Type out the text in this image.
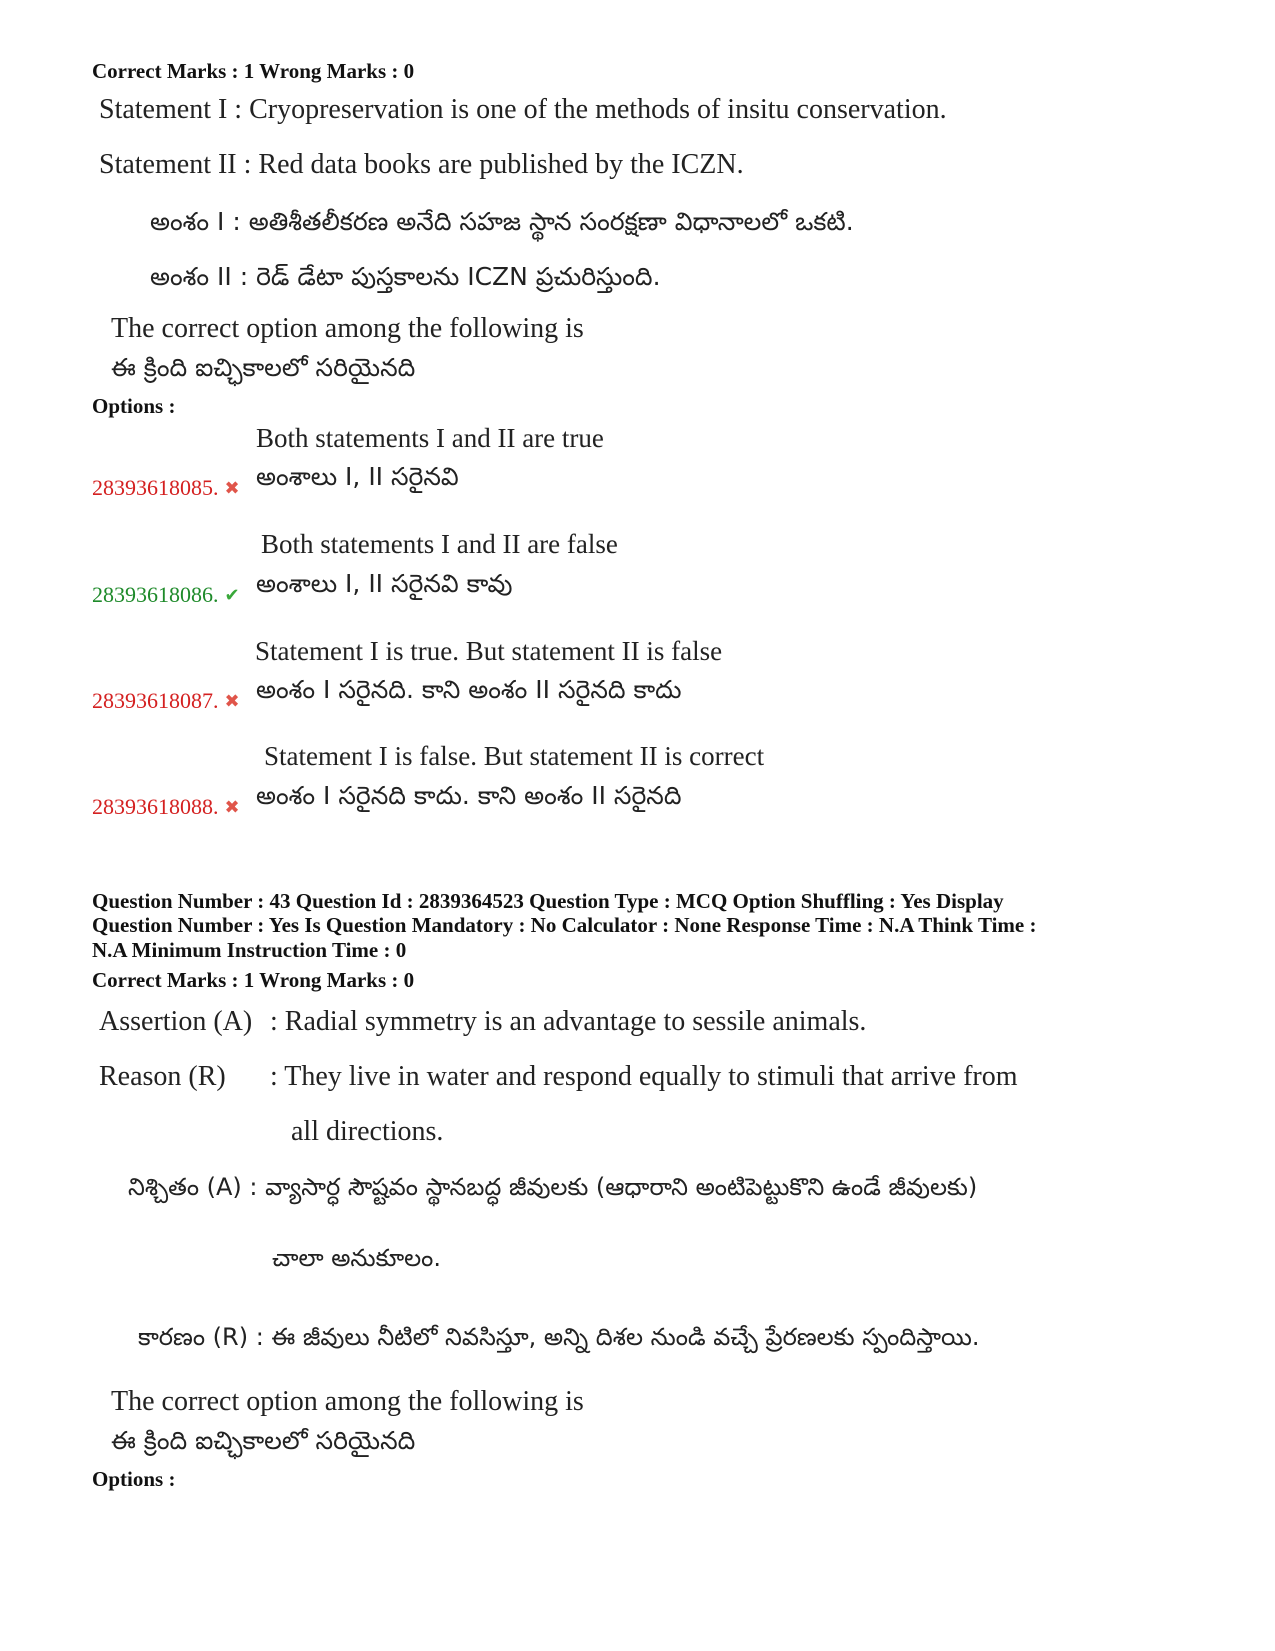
Correct Marks : 1 Wrong Marks : 0
Statement I : Cryopreservation is one of the methods of insitu conservation.
Statement II : Red data books are published by the ICZN.
అంశం I : అతిశీతలీకరణ అనేది సహజ స్థాన సంరక్షణా విధానాలలో ఒకటి.
అంశం II : రెడ్ డేటా పుస్తకాలను ICZN ప్రచురిస్తుంది.
The correct option among the following is
ఈ క్రింది ఐచ్ఛికాలలో సరియైనది
Options :
Both statements I and II are true
అంశాలు I, II సరైనవి
28393618085. ✖
Both statements I and II are false
అంశాలు I, II సరైనవి కావు
28393618086. ✔
Statement I is true. But statement II is false
అంశం I సరైనది. కాని అంశం II సరైనది కాదు
28393618087. ✖
Statement I is false. But statement II is correct
అంశం I సరైనది కాదు. కాని అంశం II సరైనది
28393618088. ✖
Question Number : 43 Question Id : 2839364523 Question Type : MCQ Option Shuffling : Yes Display
Question Number : Yes Is Question Mandatory : No Calculator : None Response Time : N.A Think Time :
N.A Minimum Instruction Time : 0
Correct Marks : 1 Wrong Marks : 0
Assertion (A) : Radial symmetry is an advantage to sessile animals.
Reason (R) : They live in water and respond equally to stimuli that arrive from
all directions.
నిశ్చితం (A) : వ్యాసార్ధ సౌష్టవం స్థానబద్ధ జీవులకు (ఆధారాని అంటిపెట్టుకొని ఉండే జీవులకు)
చాలా అనుకూలం.
కారణం (R) : ఈ జీవులు నీటిలో నివసిస్తూ, అన్ని దిశల నుండి వచ్చే ప్రేరణలకు స్పందిస్తాయి.
The correct option among the following is
ఈ క్రింది ఐచ్ఛికాలలో సరియైనది
Options :
